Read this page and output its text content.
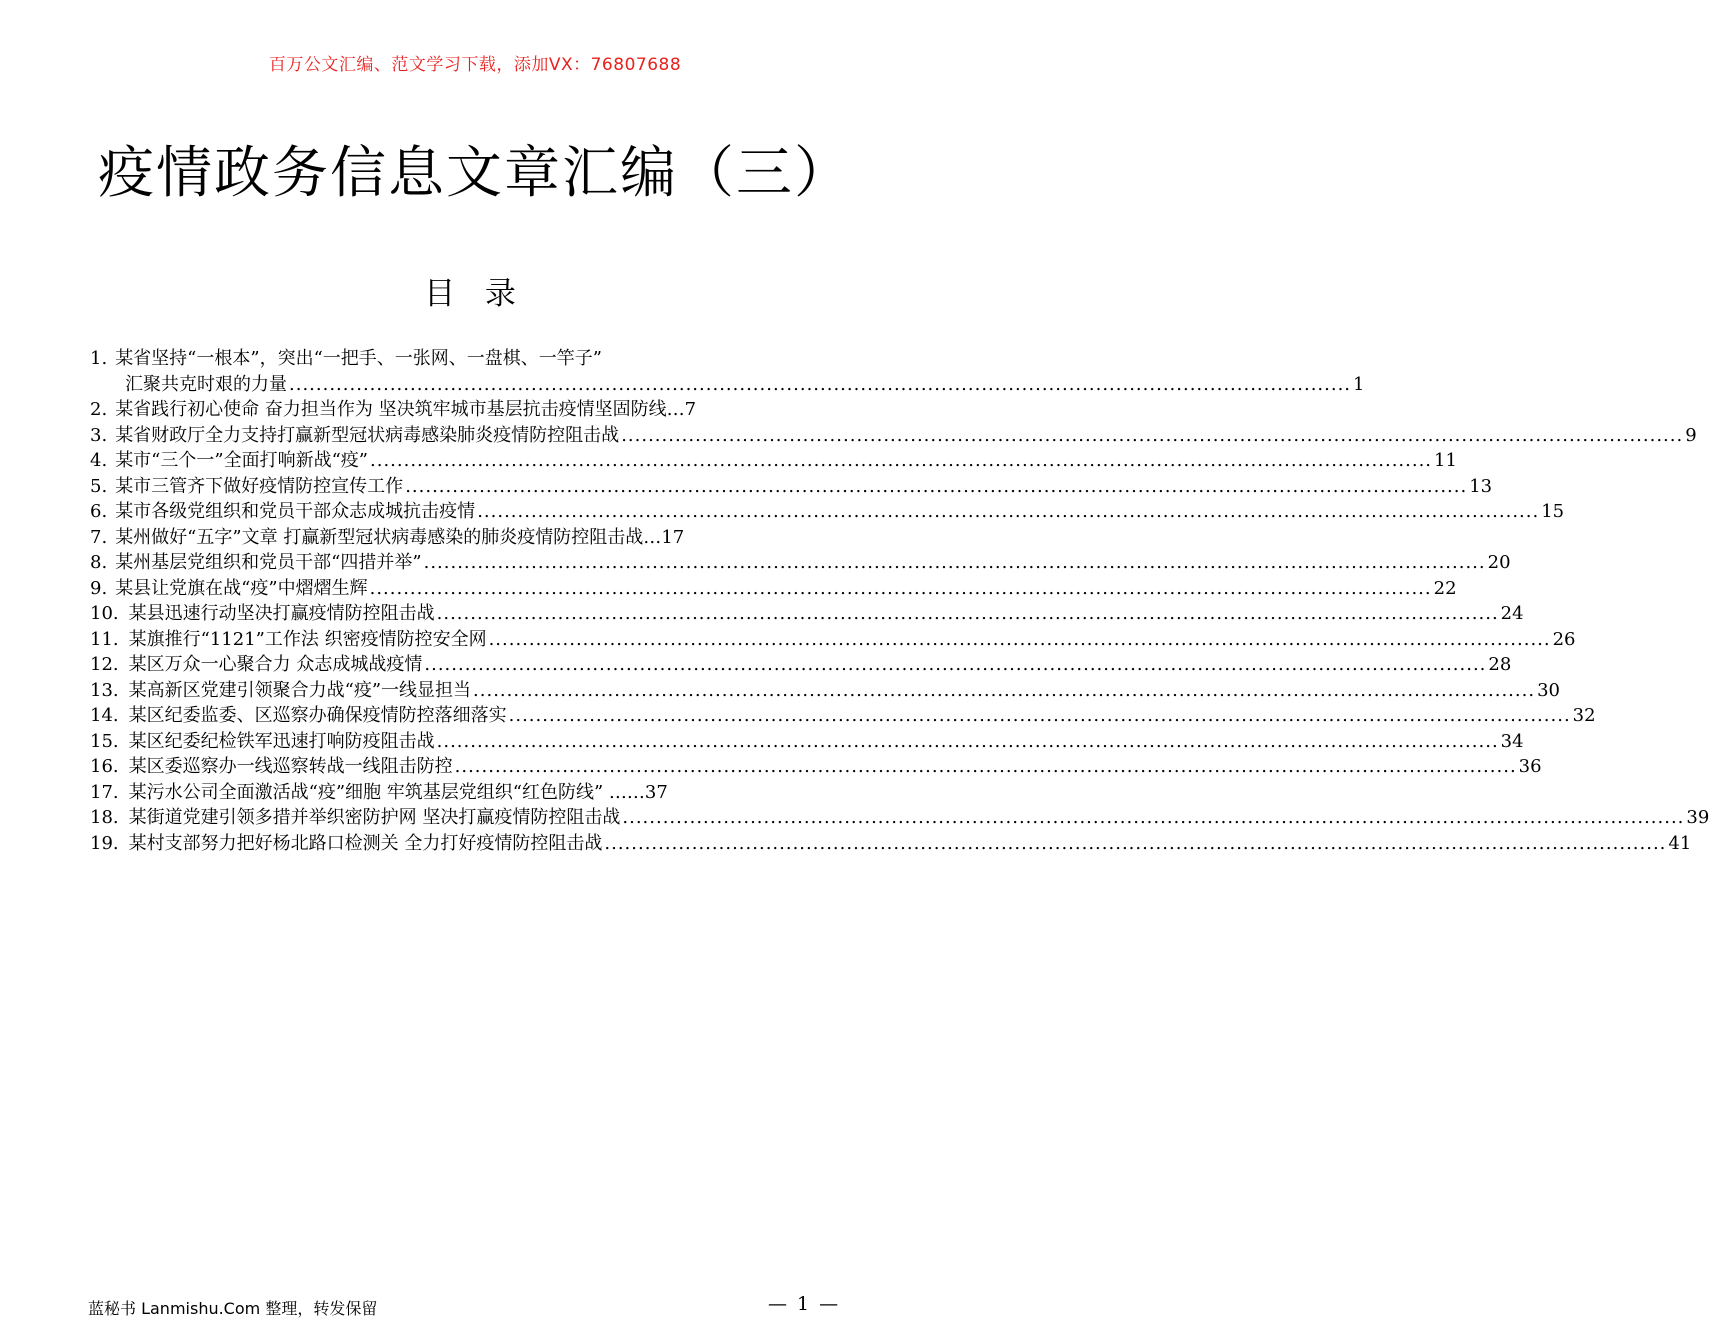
百万公文汇编、范文学习下载，添加VX：76807688
疫情政务信息文章汇编（三）
目 录
1. 某省坚持“一根本”，突出“一把手、一张网、一盘棋、一竿子”
汇聚共克时艰的力量 .....	1
2. 某省践行初心使命 奋力担当作为 坚决筑牢城市基层抗击疫情坚固防线… 7
3. 某省财政厅全力支持打赢新型冠状病毒感染肺炎疫情防控阻击战 .....	9
4. 某市“三个一”全面打响新战“疫” .....	11
5. 某市三管齐下做好疫情防控宣传工作 .....	13
6. 某市各级党组织和党员干部众志成城抗击疫情 .....	15
7. 某州做好“五字”文章 打赢新型冠状病毒感染的肺炎疫情防控阻击战… 17
8. 某州基层党组织和党员干部“四措并举” .....	20
9. 某县让党旗在战“疫”中熠熠生辉 .....	22
10. 某县迅速行动坚决打赢疫情防控阻击战 .....	24
11. 某旗推行“1121”工作法 织密疫情防控安全网 .....	26
12. 某区万众一心聚合力 众志成城战疫情 .....	28
13. 某高新区党建引领聚合力战“疫”一线显担当 .....	30
14. 某区纪委监委、区巡察办确保疫情防控落细落实 .....	32
15. 某区纪委纪检铁军迅速打响防疫阻击战 .....	34
16. 某区委巡察办一线巡察转战一线阻击防控 .....	36
17. 某污水公司全面激活战“疫”细胞 牢筑基层党组织“红色防线” …… 37
18. 某街道党建引领多措并举织密防护网 坚决打赢疫情防控阻击战 .....	39
19. 某村支部努力把好杨北路口检测关 全力打好疫情防控阻击战 .....	41
蓝秘书 Lanmishu.Com 整理，转发保留	— 1 —
